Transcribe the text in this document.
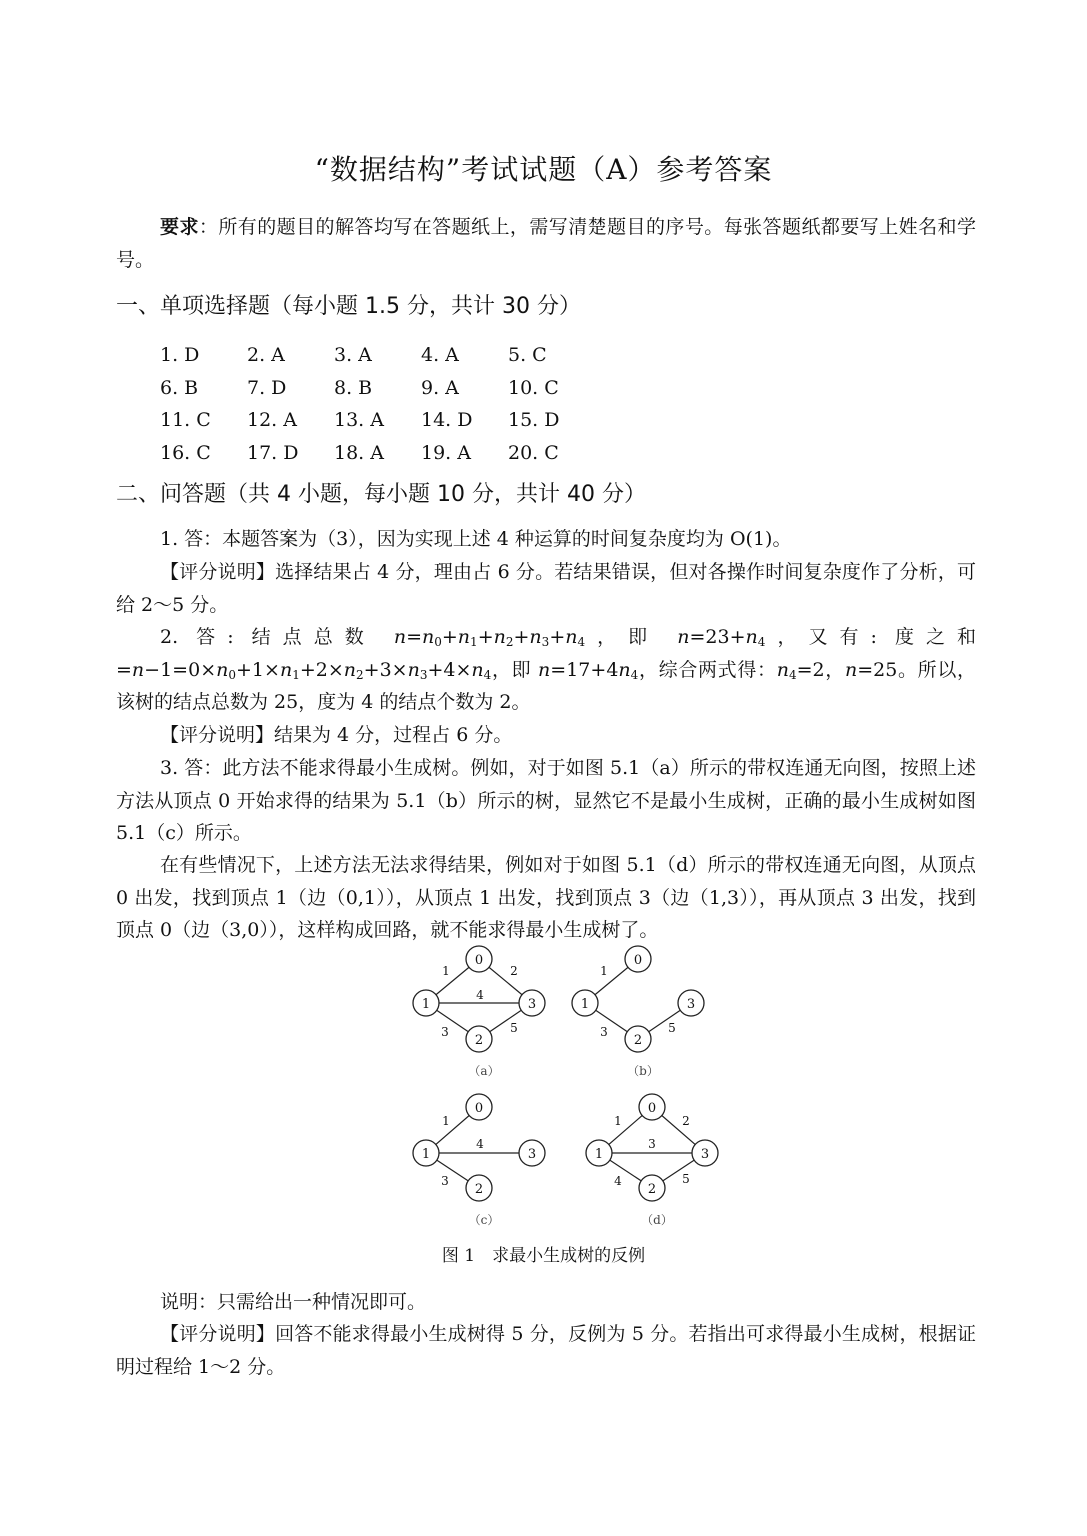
“数据结构”考试试题（A）参考答案
要求：所有的题目的解答均写在答题纸上，需写清楚题目的序号。每张答题纸都要写上姓名和学号。
一、单项选择题（每小题 1.5 分，共计 30 分）
1. D	2. A	3. A	4. A	5. C
6. B	7. D	8. B	9. A	10. C
11. C	12. A	13. A	14. D	15. D
16. C	17. D	18. A	19. A	20. C
二、问答题（共 4 小题，每小题 10 分，共计 40 分）
1. 答：本题答案为（3），因为实现上述 4 种运算的时间复杂度均为 O(1)。
【评分说明】选择结果占 4 分，理由占 6 分。若结果错误，但对各操作时间复杂度作了分析，可给 2～5 分。
2. 答: 结点总数 $n=n_0+n_1+n_2+n_3+n_4$，即 $n=23+n_4$，又有: 度之和$=n-1=0\times n_0+1\times n_1+2\times n_2+3\times n_3+4\times n_4$，即 $n=17+4n_4$，综合两式得：$n_4=2$，n=25。所以，该树的结点总数为 25，度为 4 的结点个数为 2。
【评分说明】结果为 4 分，过程占 6 分。
3. 答：此方法不能求得最小生成树。例如，对于如图 5.1（a）所示的带权连通无向图，按照上述方法从顶点 0 开始求得的结果为 5.1（b）所示的树，显然它不是最小生成树，正确的最小生成树如图 5.1（c）所示。
在有些情况下，上述方法无法求得结果，例如对于如图 5.1（d）所示的带权连通无向图，从顶点 0 出发，找到顶点 1（边（0,1）），从顶点 1 出发，找到顶点 3（边（1,3）），再从顶点 3 出发，找到顶点 0（边（3,0）），这样构成回路，就不能求得最小生成树了。
0
1	3
2
0
1	3
2
0
1	3
2
0
1	3
2
1	2
4
3	5
1
3	5
1
4
3
1	2
3
4	5
（a）	（b）
（c）	（d）
图 1　求最小生成树的反例
说明：只需给出一种情况即可。
【评分说明】回答不能求得最小生成树得 5 分，反例为 5 分。若指出可求得最小生成树，根据证明过程给 1～2 分。
